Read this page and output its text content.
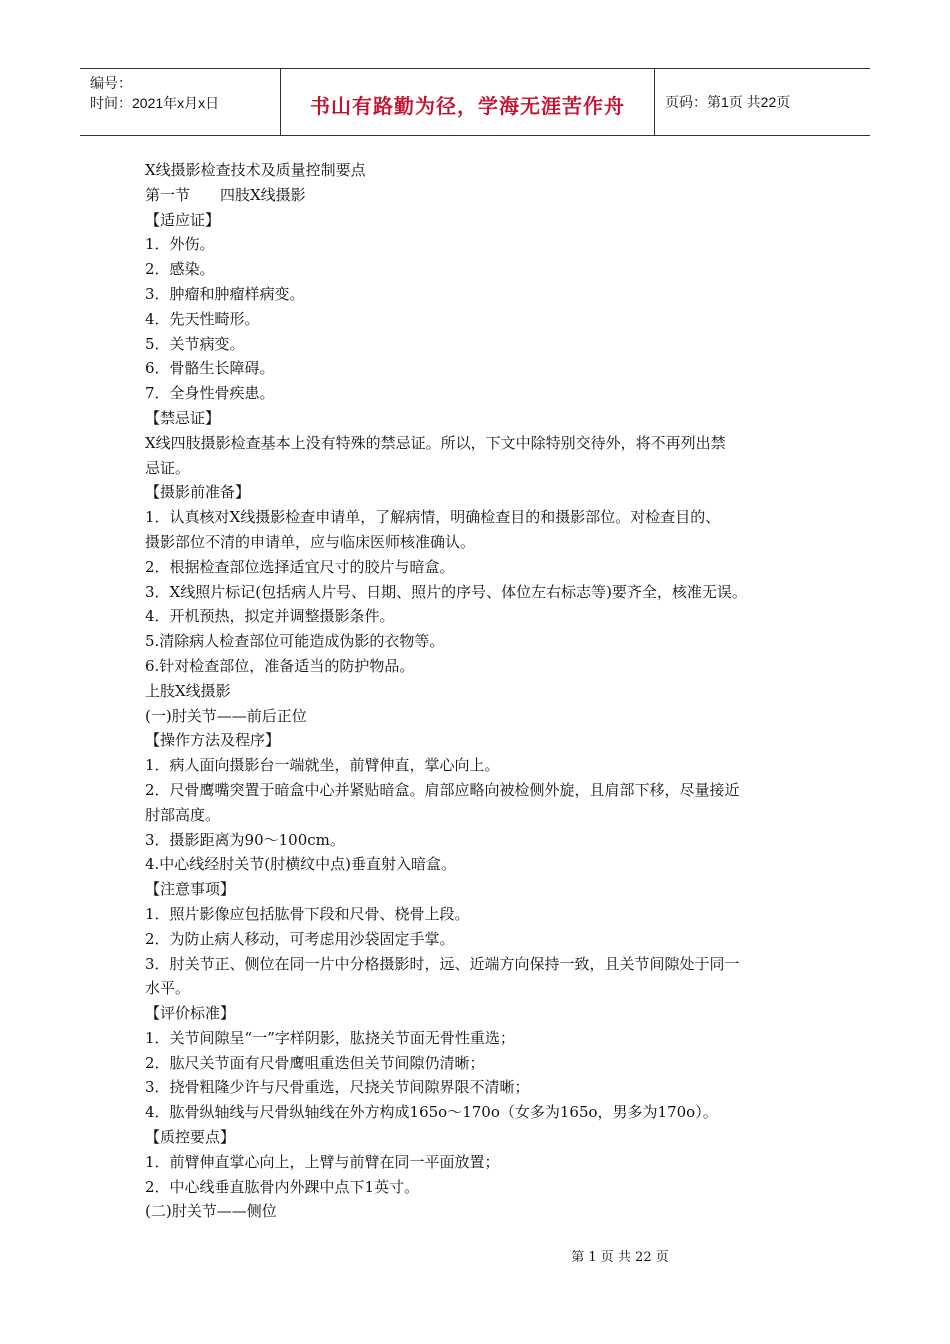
编号：
时间：2021年x月x日	书山有路勤为径，学海无涯苦作舟	页码：第1页 共22页

X线摄影检查技术及质量控制要点

第一节　　四肢X线摄影

【适应证】

1．外伤。

2．感染。

3．肿瘤和肿瘤样病变。

4．先天性畸形。

5．关节病变。

6．骨骼生长障碍。

7．全身性骨疾患。

【禁忌证】

X线四肢摄影检查基本上没有特殊的禁忌证。所以，下文中除特别交待外，将不再列出禁

忌证。

【摄影前准备】

1．认真核对X线摄影检查申请单，了解病情，明确检查目的和摄影部位。对检查目的、

摄影部位不清的申请单，应与临床医师核准确认。

2．根据检查部位选择适宜尺寸的胶片与暗盒。

3．X线照片标记(包括病人片号、日期、照片的序号、体位左右标志等)要齐全，核准无误。

4．开机预热，拟定并调整摄影条件。

5.清除病人检查部位可能造成伪影的衣物等。

6.针对检查部位，准备适当的防护物品。

上肢X线摄影

(一)肘关节——前后正位

【操作方法及程序】

1．病人面向摄影台一端就坐，前臂伸直，掌心向上。

2．尺骨鹰嘴突置于暗盒中心并紧贴暗盒。肩部应略向被检侧外旋，且肩部下移，尽量接近

肘部高度。

3．摄影距离为90～100cm。

4.中心线经肘关节(肘横纹中点)垂直射入暗盒。

【注意事项】

1．照片影像应包括肱骨下段和尺骨、桡骨上段。

2．为防止病人移动，可考虑用沙袋固定手掌。

3．肘关节正、侧位在同一片中分格摄影时，远、近端方向保持一致，且关节间隙处于同一

水平。

【评价标准】

1．关节间隙呈“一”字样阴影，肱挠关节面无骨性重选；

2．肱尺关节面有尺骨鹰咀重迭但关节间隙仍清晰；

3．挠骨粗隆少许与尺骨重选，尺挠关节间隙界限不清晰；

4．肱骨纵轴线与尺骨纵轴线在外方构成165o～170o（女多为165o，男多为170o）。

【质控要点】

1．前臂伸直掌心向上，上臂与前臂在同一平面放置；

2．中心线垂直肱骨内外踝中点下1英寸。

(二)肘关节——侧位

第 1 页 共 22 页
